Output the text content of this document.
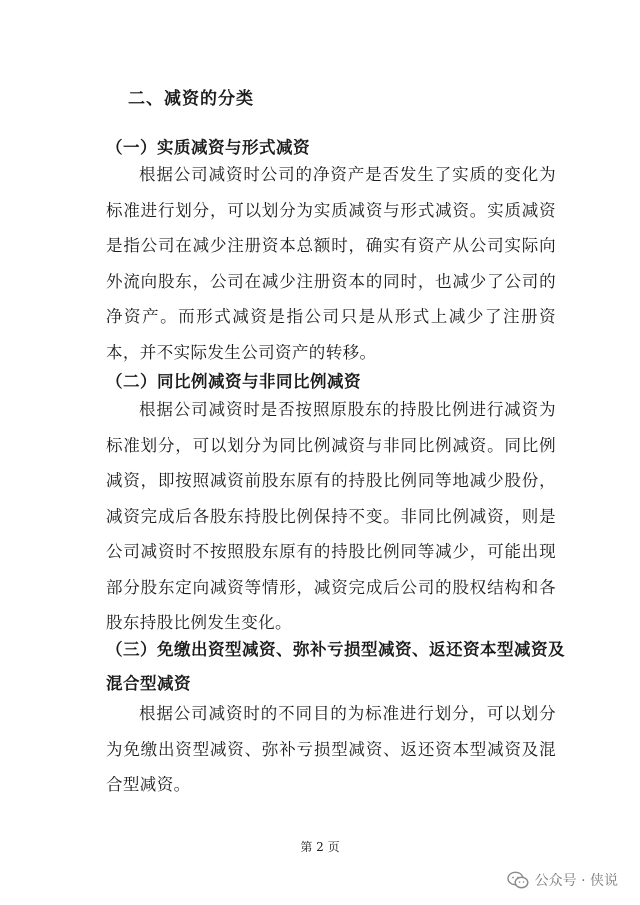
二、减资的分类
（一）实质减资与形式减资
根据公司减资时公司的净资产是否发生了实质的变化为标准进行划分，可以划分为实质减资与形式减资。实质减资是指公司在减少注册资本总额时，确实有资产从公司实际向外流向股东，公司在减少注册资本的同时，也减少了公司的净资产。而形式减资是指公司只是从形式上减少了注册资本，并不实际发生公司资产的转移。
（二）同比例减资与非同比例减资
根据公司减资时是否按照原股东的持股比例进行减资为标准划分，可以划分为同比例减资与非同比例减资。同比例减资，即按照减资前股东原有的持股比例同等地减少股份，减资完成后各股东持股比例保持不变。非同比例减资，则是公司减资时不按照股东原有的持股比例同等减少，可能出现部分股东定向减资等情形，减资完成后公司的股权结构和各股东持股比例发生变化。
（三）免缴出资型减资、弥补亏损型减资、返还资本型减资及
混合型减资
根据公司减资时的不同目的为标准进行划分，可以划分为免缴出资型减资、弥补亏损型减资、返还资本型减资及混合型减资。
第 2 页
公众号 · 侠说
